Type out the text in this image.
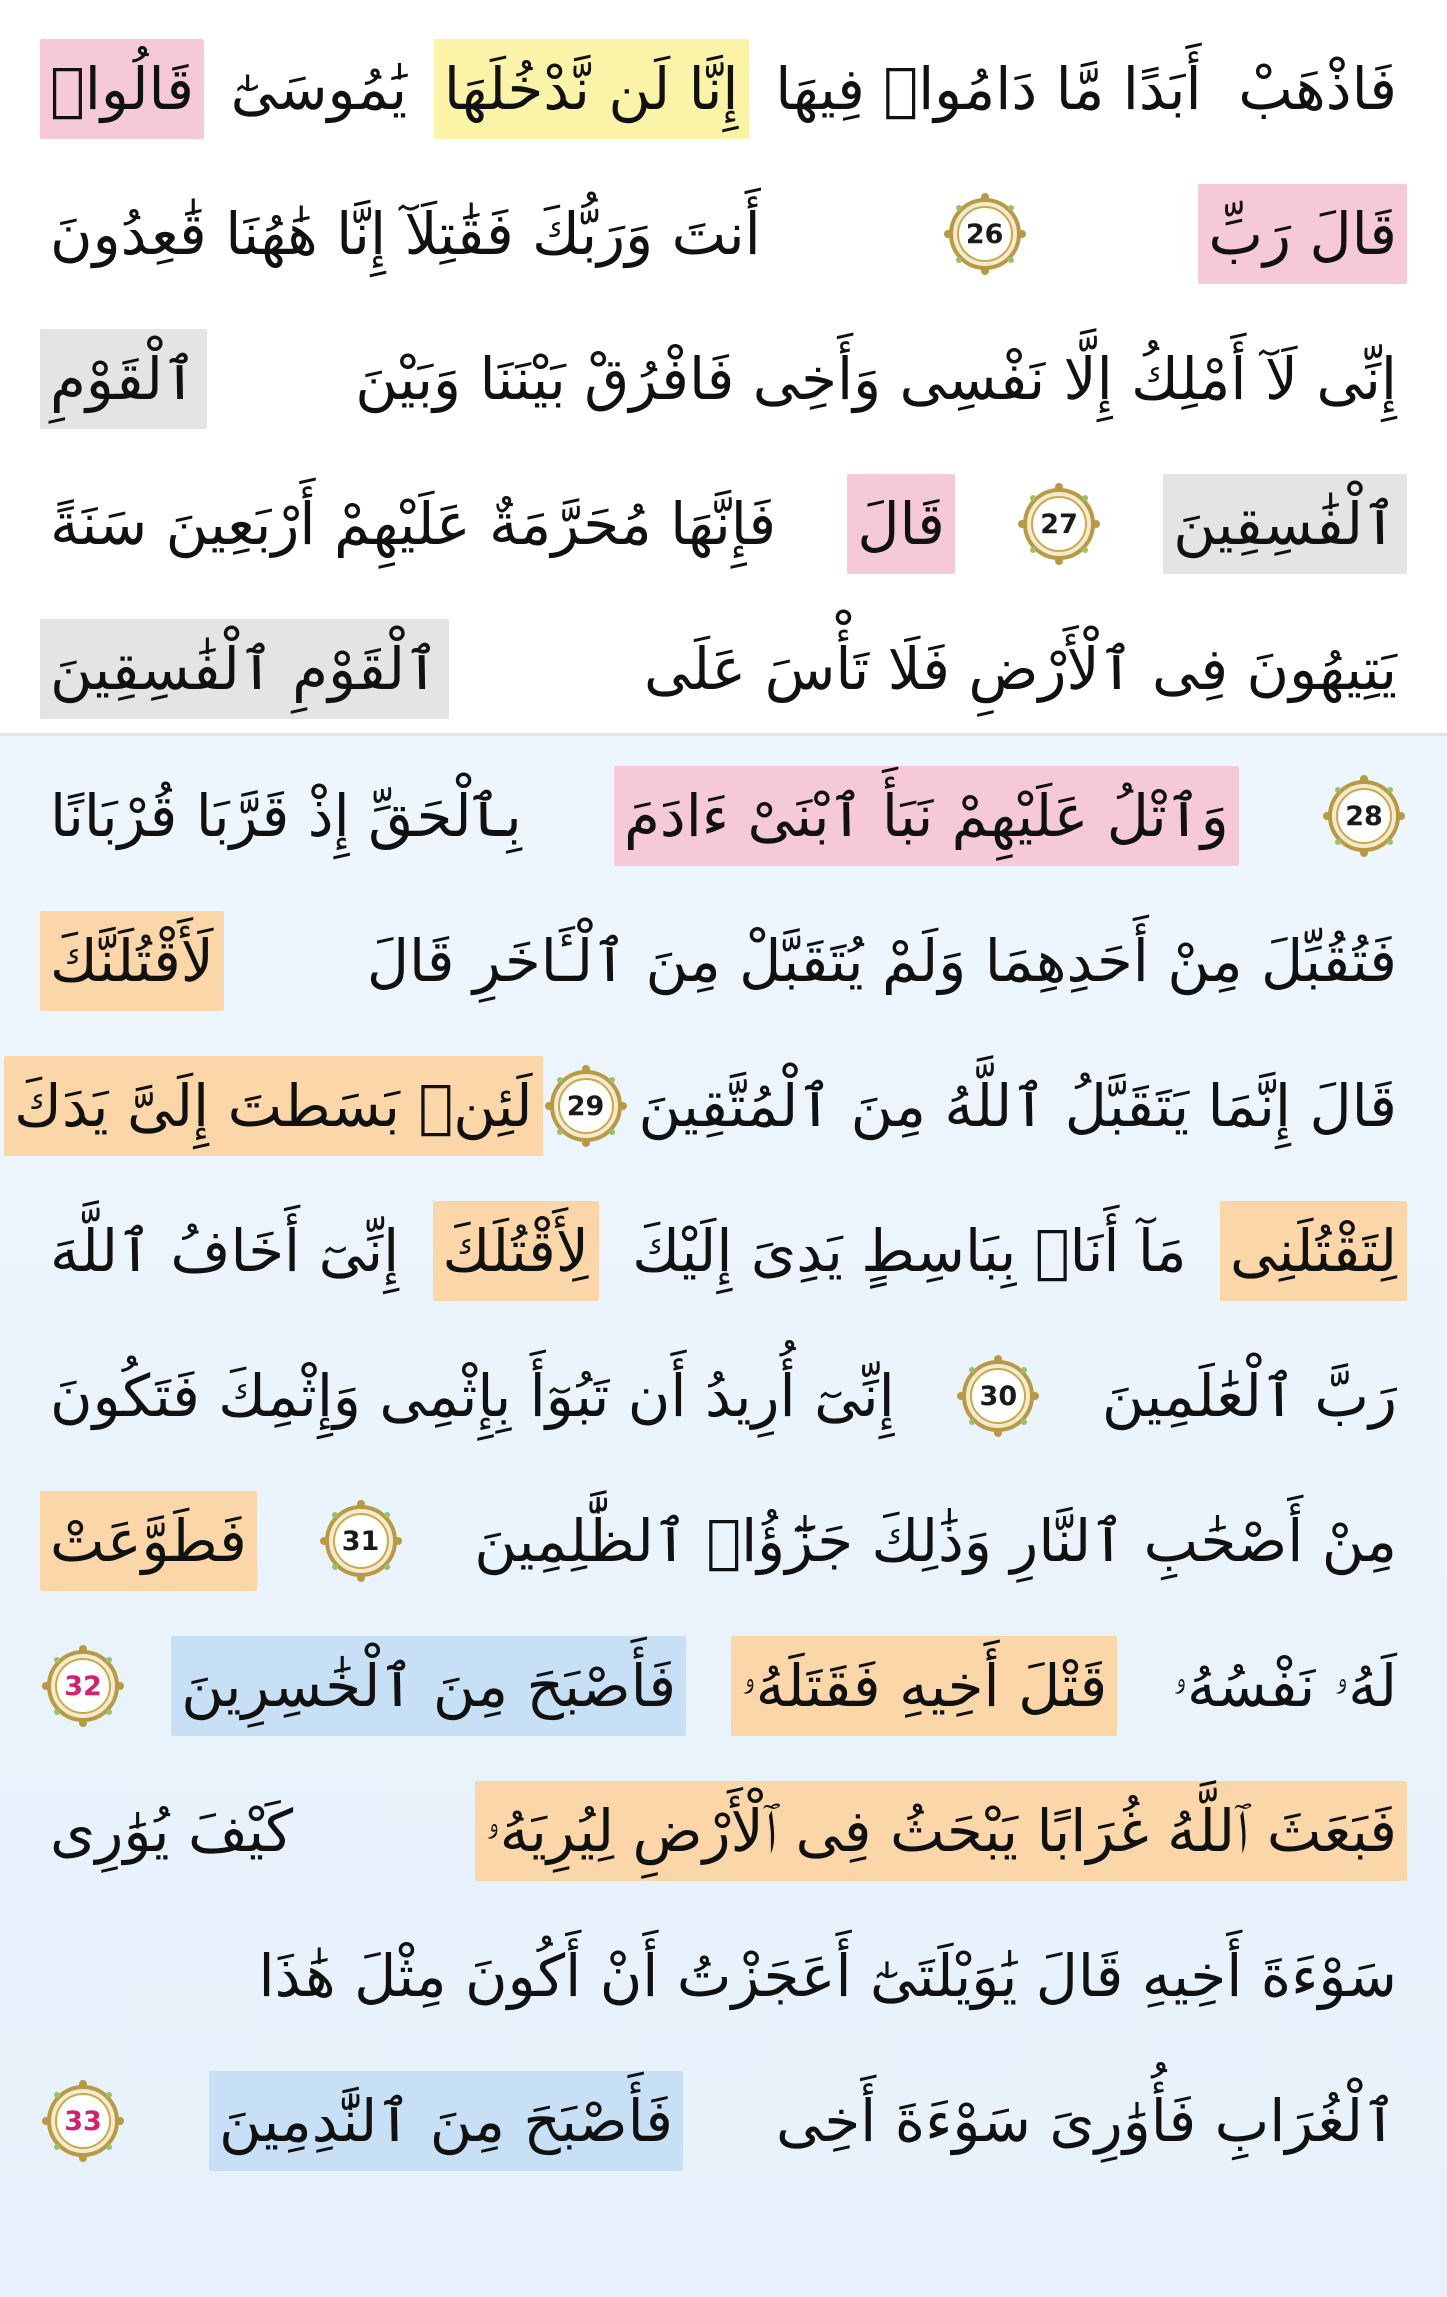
فَاذْهَبْ
أَبَدًا مَّا دَامُوا۟ فِيهَا
إِنَّا لَن نَّدْخُلَهَا
يَٰمُوسَىٰٓ
قَالُوا۟
قَالَ رَبِّ
26
أَنتَ وَرَبُّكَ فَقَٰتِلَآ إِنَّا هَٰهُنَا قَٰعِدُونَ
إِنِّى لَآ أَمْلِكُ إِلَّا نَفْسِى وَأَخِى فَافْرُقْ بَيْنَنَا وَبَيْنَ
ٱلْقَوْمِ
ٱلْفَٰسِقِينَ
27
قَالَ
فَإِنَّهَا مُحَرَّمَةٌ عَلَيْهِمْ أَرْبَعِينَ سَنَةً
يَتِيهُونَ فِى ٱلْأَرْضِ فَلَا تَأْسَ عَلَى
ٱلْقَوْمِ ٱلْفَٰسِقِينَ
28
وَٱتْلُ عَلَيْهِمْ نَبَأَ ٱبْنَىْ ءَادَمَ
بِٱلْحَقِّ إِذْ قَرَّبَا قُرْبَانًا
فَتُقُبِّلَ مِنْ أَحَدِهِمَا وَلَمْ يُتَقَبَّلْ مِنَ ٱلْـَٔاخَرِ قَالَ
لَأَقْتُلَنَّكَ
قَالَ إِنَّمَا يَتَقَبَّلُ ٱللَّهُ مِنَ ٱلْمُتَّقِينَ
29
لَئِنۢ بَسَطتَ إِلَىَّ يَدَكَ
لِتَقْتُلَنِى
مَآ أَنَا۠ بِبَاسِطٍ يَدِىَ إِلَيْكَ
لِأَقْتُلَكَ
إِنِّىٓ أَخَافُ ٱللَّهَ
رَبَّ ٱلْعَٰلَمِينَ
30
إِنِّىٓ أُرِيدُ أَن تَبُوٓأَ بِإِثْمِى وَإِثْمِكَ فَتَكُونَ
مِنْ أَصْحَٰبِ ٱلنَّارِ وَذَٰلِكَ جَزَٰٓؤُا۟ ٱلظَّٰلِمِينَ
31
فَطَوَّعَتْ
لَهُۥ نَفْسُهُۥ
قَتْلَ أَخِيهِ فَقَتَلَهُۥ
فَأَصْبَحَ مِنَ ٱلْخَٰسِرِينَ
32
فَبَعَثَ ٱللَّهُ غُرَابًا يَبْحَثُ فِى ٱلْأَرْضِ لِيُرِيَهُۥ
كَيْفَ يُوَٰرِى
سَوْءَةَ أَخِيهِ قَالَ يَٰوَيْلَتَىٰٓ أَعَجَزْتُ أَنْ أَكُونَ مِثْلَ هَٰذَا
ٱلْغُرَابِ فَأُوَٰرِىَ سَوْءَةَ أَخِى
فَأَصْبَحَ مِنَ ٱلنَّٰدِمِينَ
33
